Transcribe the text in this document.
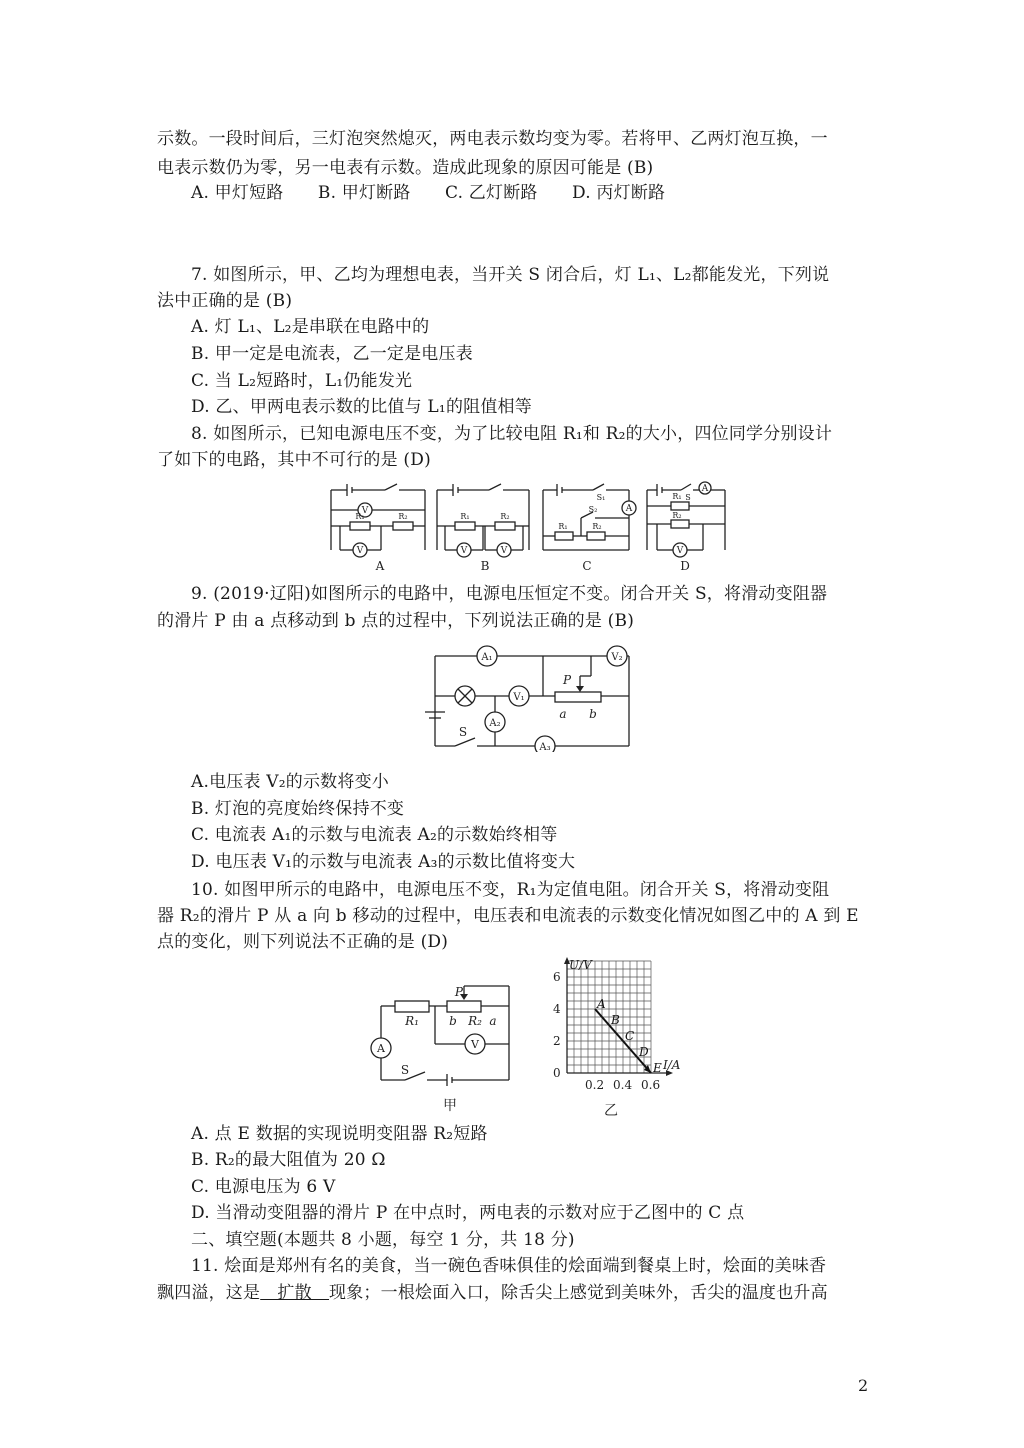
示数。一段时间后，三灯泡突然熄灭，两电表示数均变为零。若将甲、乙两灯泡互换，一
电表示数仍为零，另一电表有示数。造成此现象的原因可能是 (B)
A. 甲灯短路　　B. 甲灯断路　　C. 乙灯断路　　D. 丙灯断路
7. 如图所示，甲、乙均为理想电表，当开关 S 闭合后，灯 L₁、L₂都能发光，下列说
法中正确的是 (B)
A. 灯 L₁、L₂是串联在电路中的
B. 甲一定是电流表，乙一定是电压表
C. 当 L₂短路时，L₁仍能发光
D. 乙、甲两电表示数的比值与 L₁的阻值相等
8. 如图所示，已知电源电压不变，为了比较电阻 R₁和 R₂的大小，四位同学分别设计
了如下的电路，其中不可行的是 (D)
V
V
R₁	R₂
V	V
R₁	R₂
A
S₁
S₂
R₁	R₂
A
V
S
R₁
R₂
A	B	C	D
9. (2019·辽阳)如图所示的电路中，电源电压恒定不变。闭合开关 S，将滑动变阻器
的滑片 P 由 a 点移动到 b 点的过程中，下列说法正确的是 (B)
A₁	V₂
V₁
A₂
A₃
P
a b
S
A.电压表 V₂的示数将变小
B. 灯泡的亮度始终保持不变
C. 电流表 A₁的示数与电流表 A₂的示数始终相等
D. 电压表 V₁的示数与电流表 A₃的示数比值将变大
10. 如图甲所示的电路中，电源电压不变，R₁为定值电阻。闭合开关 S，将滑动变阻
器 R₂的滑片 P 从 a 向 b 移动的过程中，电压表和电流表的示数变化情况如图乙中的 A 到 E
点的变化，则下列说法不正确的是 (D)
R₁	R₂
P
b	a
A	V
S
甲
A
B
C
D
E
U/V
I/A
0
乙
6
4
2
0.2 0.4 0.6
A. 点 E 数据的实现说明变阻器 R₂短路
B. R₂的最大阻值为 20 Ω
C. 电源电压为 6 V
D. 当滑动变阻器的滑片 P 在中点时，两电表的示数对应于乙图中的 C 点
二、填空题(本题共 8 小题，每空 1 分，共 18 分)
11. 烩面是郑州有名的美食，当一碗色香味俱佳的烩面端到餐桌上时，烩面的美味香
飘四溢，这是　扩散　现象；一根烩面入口，除舌尖上感觉到美味外，舌尖的温度也升高
2
